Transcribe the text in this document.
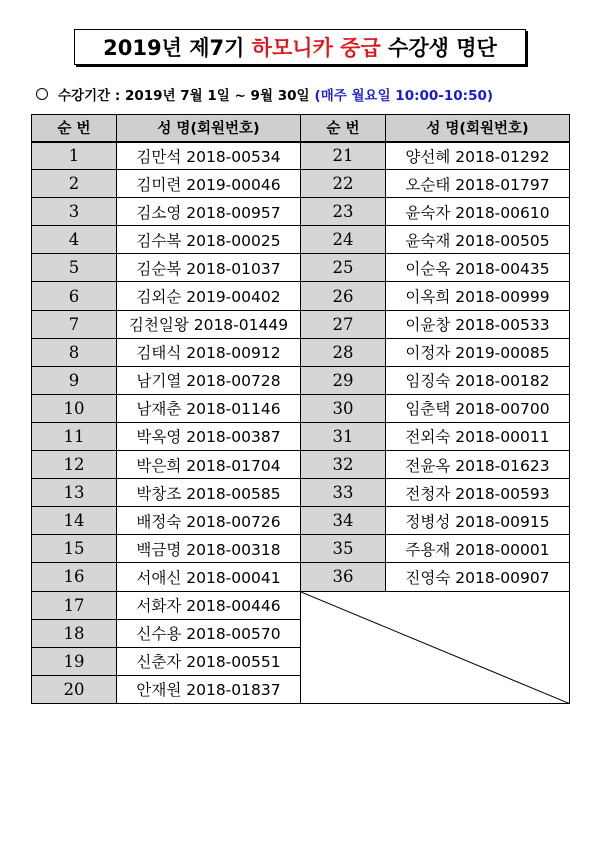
2019년 제7기 하모니카 중급 수강생 명단
수강기간 : 2019년 7월 1일 ~ 9월 30일 (매주 월요일 10:00-10:50)
순 번	성 명(회원번호)	순 번	성 명(회원번호)
1	김만석 2018-00534	21	양선혜 2018-01292
2	김미련 2019-00046	22	오순태 2018-01797
3	김소영 2018-00957	23	윤숙자 2018-00610
4	김수복 2018-00025	24	윤숙재 2018-00505
5	김순복 2018-01037	25	이순옥 2018-00435
6	김외순 2019-00402	26	이옥희 2018-00999
7	김천일왕 2018-01449	27	이윤창 2018-00533
8	김태식 2018-00912	28	이정자 2019-00085
9	남기열 2018-00728	29	임징숙 2018-00182
10	남재춘 2018-01146	30	임춘택 2018-00700
11	박옥영 2018-00387	31	전외숙 2018-00011
12	박은희 2018-01704	32	전윤옥 2018-01623
13	박창조 2018-00585	33	전청자 2018-00593
14	배정숙 2018-00726	34	정병성 2018-00915
15	백금명 2018-00318	35	주용재 2018-00001
16	서애신 2018-00041	36	진영숙 2018-00907
17	서화자 2018-00446	

18	신수용 2018-00570		
19	신춘자 2018-00551		
20	안재원 2018-01837		
